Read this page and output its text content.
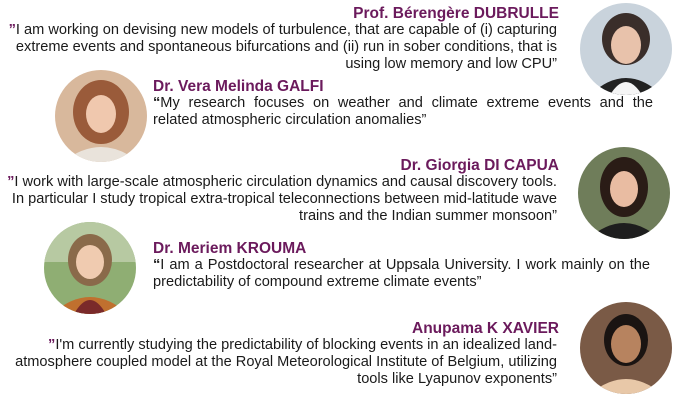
Prof. Bérengère DUBRULLE
”I am working on devising new models of turbulence, that are capable of (i) capturing extreme events and spontaneous bifurcations and (ii) run in sober conditions, that is using low memory and low CPU”
Dr. Vera Melinda GALFI
“My research focuses on weather and climate extreme events and the related atmospheric circulation anomalies”
Dr. Giorgia DI CAPUA
”I work with large-scale atmospheric circulation dynamics and causal discovery tools. In particular I study tropical extra-tropical teleconnections between mid-latitude wave trains and the Indian summer monsoon”
Dr. Meriem KROUMA
“I am a Postdoctoral researcher at Uppsala University. I work mainly on the predictability of compound extreme climate events”
Anupama K XAVIER
”I'm currently studying the predictability of blocking events in an idealized land-atmosphere coupled model at the Royal Meteorological Institute of Belgium, utilizing tools like Lyapunov exponents”
